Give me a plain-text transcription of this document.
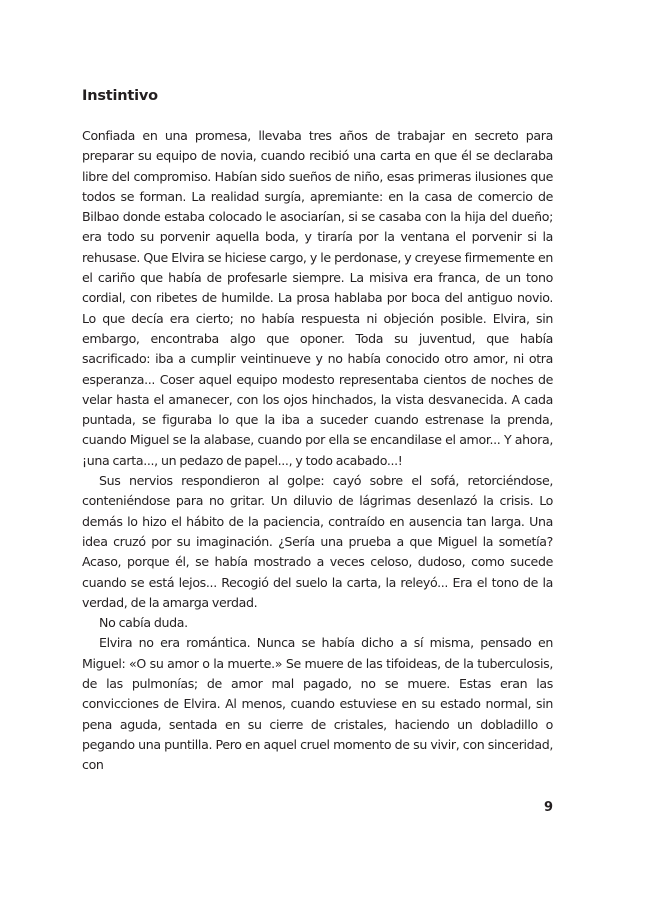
Instintivo

Confiada en una promesa, llevaba tres años de trabajar en secreto para preparar su equipo de novia, cuando recibió una carta en que él se declaraba libre del compromiso. Habían sido sueños de niño, esas primeras ilusiones que todos se forman. La realidad surgía, apremiante: en la casa de comercio de Bilbao donde estaba colocado le asociarían, si se casaba con la hija del dueño; era todo su porvenir aquella boda, y tiraría por la ventana el porvenir si la rehusase. Que Elvira se hiciese cargo, y le perdonase, y creyese firmemente en el cariño que había de profesarle siempre. La misiva era franca, de un tono cordial, con ribetes de humilde. La prosa hablaba por boca del antiguo novio. Lo que decía era cierto; no había respuesta ni objeción posible. Elvira, sin embargo, encontraba algo que oponer. Toda su juventud, que había sacrificado: iba a cumplir veintinueve y no había conocido otro amor, ni otra esperanza... Coser aquel equipo modesto representaba cientos de noches de velar hasta el amanecer, con los ojos hinchados, la vista desvanecida. A cada puntada, se figuraba lo que la iba a suceder cuando estrenase la prenda, cuando Miguel se la alabase, cuando por ella se encandilase el amor... Y ahora, ¡una carta..., un pedazo de papel..., y todo acabado...!

Sus nervios respondieron al golpe: cayó sobre el sofá, retorciéndose, conteniéndose para no gritar. Un diluvio de lágrimas desenlazó la crisis. Lo demás lo hizo el hábito de la paciencia, contraído en ausencia tan larga. Una idea cruzó por su imaginación. ¿Sería una prueba a que Miguel la sometía? Acaso, porque él, se había mostrado a veces celoso, dudoso, como sucede cuando se está lejos... Recogió del suelo la carta, la releyó... Era el tono de la verdad, de la amarga verdad.

No cabía duda.

Elvira no era romántica. Nunca se había dicho a sí misma, pensado en Miguel: «O su amor o la muerte.» Se muere de las tifoideas, de la tuberculosis, de las pulmonías; de amor mal pagado, no se muere. Estas eran las convicciones de Elvira. Al menos, cuando estuviese en su estado normal, sin pena aguda, sentada en su cierre de cristales, haciendo un dobladillo o pegando una puntilla. Pero en aquel cruel momento de su vivir, con sinceridad, con

9
